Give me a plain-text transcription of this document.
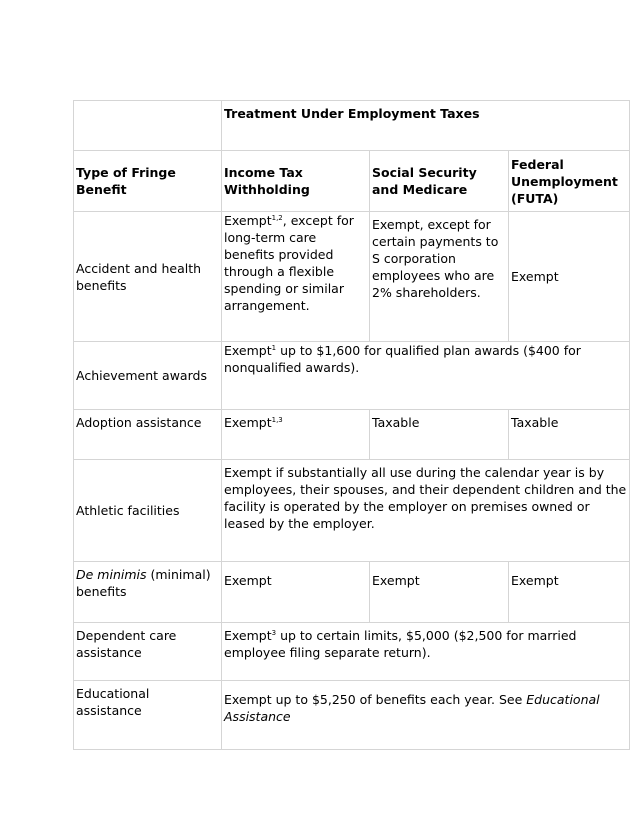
	Treatment Under Employment Taxes		
Type of Fringe Benefit	Income Tax Withholding	Social Security and Medicare	Federal Unemployment (FUTA)
Accident and health benefits	Exempt$^{1,2}$, except for long-term care benefits provided through a flexible spending or similar arrangement.	Exempt, except for certain payments to S corporation employees who are 2% shareholders.	Exempt
Achievement awards	Exempt$^1$ up to $1,600 for qualified plan awards ($400 for nonqualified awards).		
Adoption assistance	Exempt$^{1,3}$	Taxable	Taxable
Athletic facilities	Exempt if substantially all use during the calendar year is by employees, their spouses, and their dependent children and the facility is operated by the employer on premises owned or leased by the employer.		
De minimis (minimal) benefits	Exempt	Exempt	Exempt
Dependent care assistance	Exempt$^3$ up to certain limits, $5,000 ($2,500 for married employee filing separate return).		
Educational assistance	Exempt up to $5,250 of benefits each year. See Educational Assistance		
